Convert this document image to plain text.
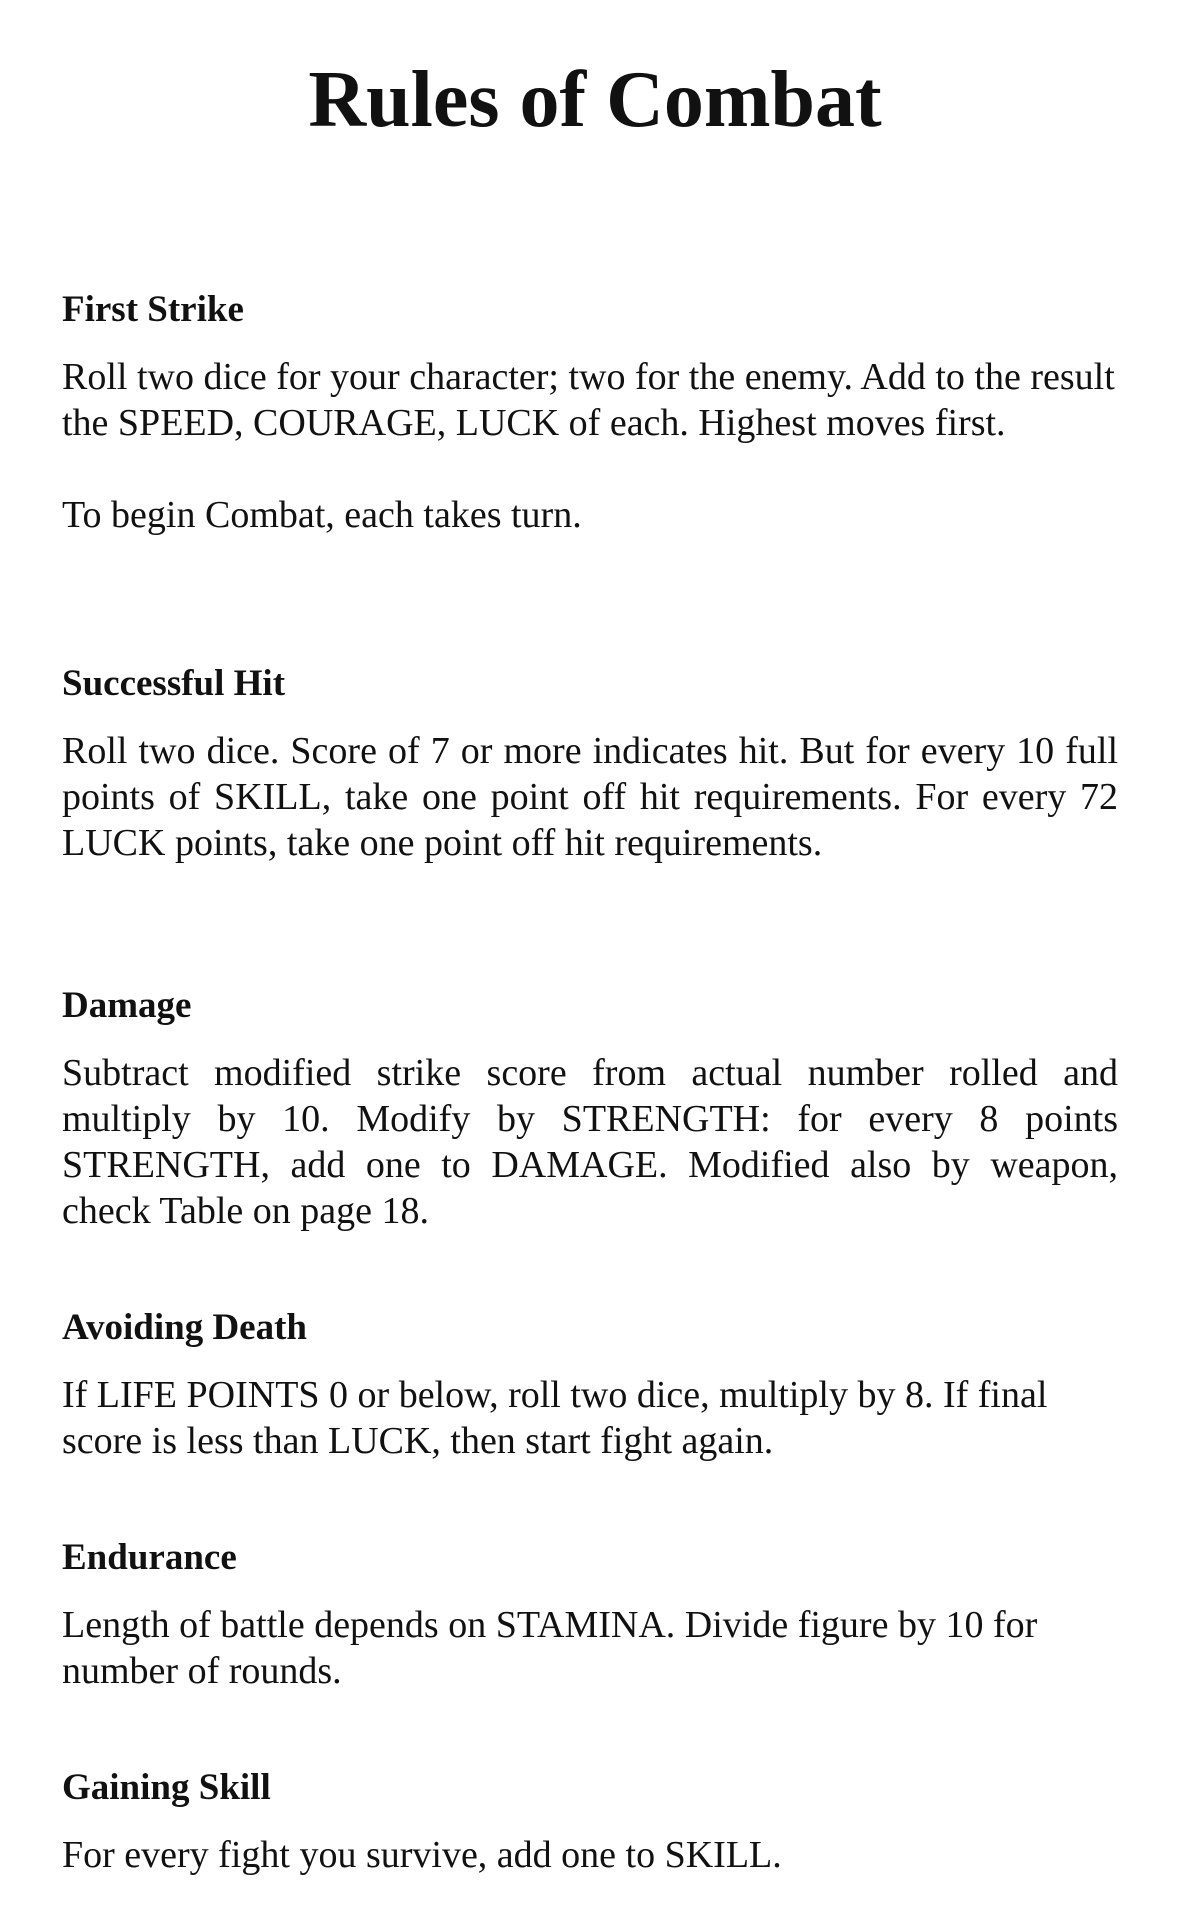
Rules of Combat
First Strike

Roll two dice for your character; two for the enemy. Add to the result the SPEED, COURAGE, LUCK of each. Highest moves first.

To begin Combat, each takes turn.

Successful Hit

Roll two dice. Score of 7 or more indicates hit. But for every 10 full points of SKILL, take one point off hit requirements. For every 72 LUCK points, take one point off hit requirements.

Damage

Subtract modified strike score from actual number rolled and multiply by 10. Modify by STRENGTH: for every 8 points STRENGTH, add one to DAMAGE. Modified also by weapon, check Table on page 18.

Avoiding Death

If LIFE POINTS 0 or below, roll two dice, multiply by 8. If final score is less than LUCK, then start fight again.

Endurance

Length of battle depends on STAMINA. Divide figure by 10 for number of rounds.

Gaining Skill

For every fight you survive, add one to SKILL.
